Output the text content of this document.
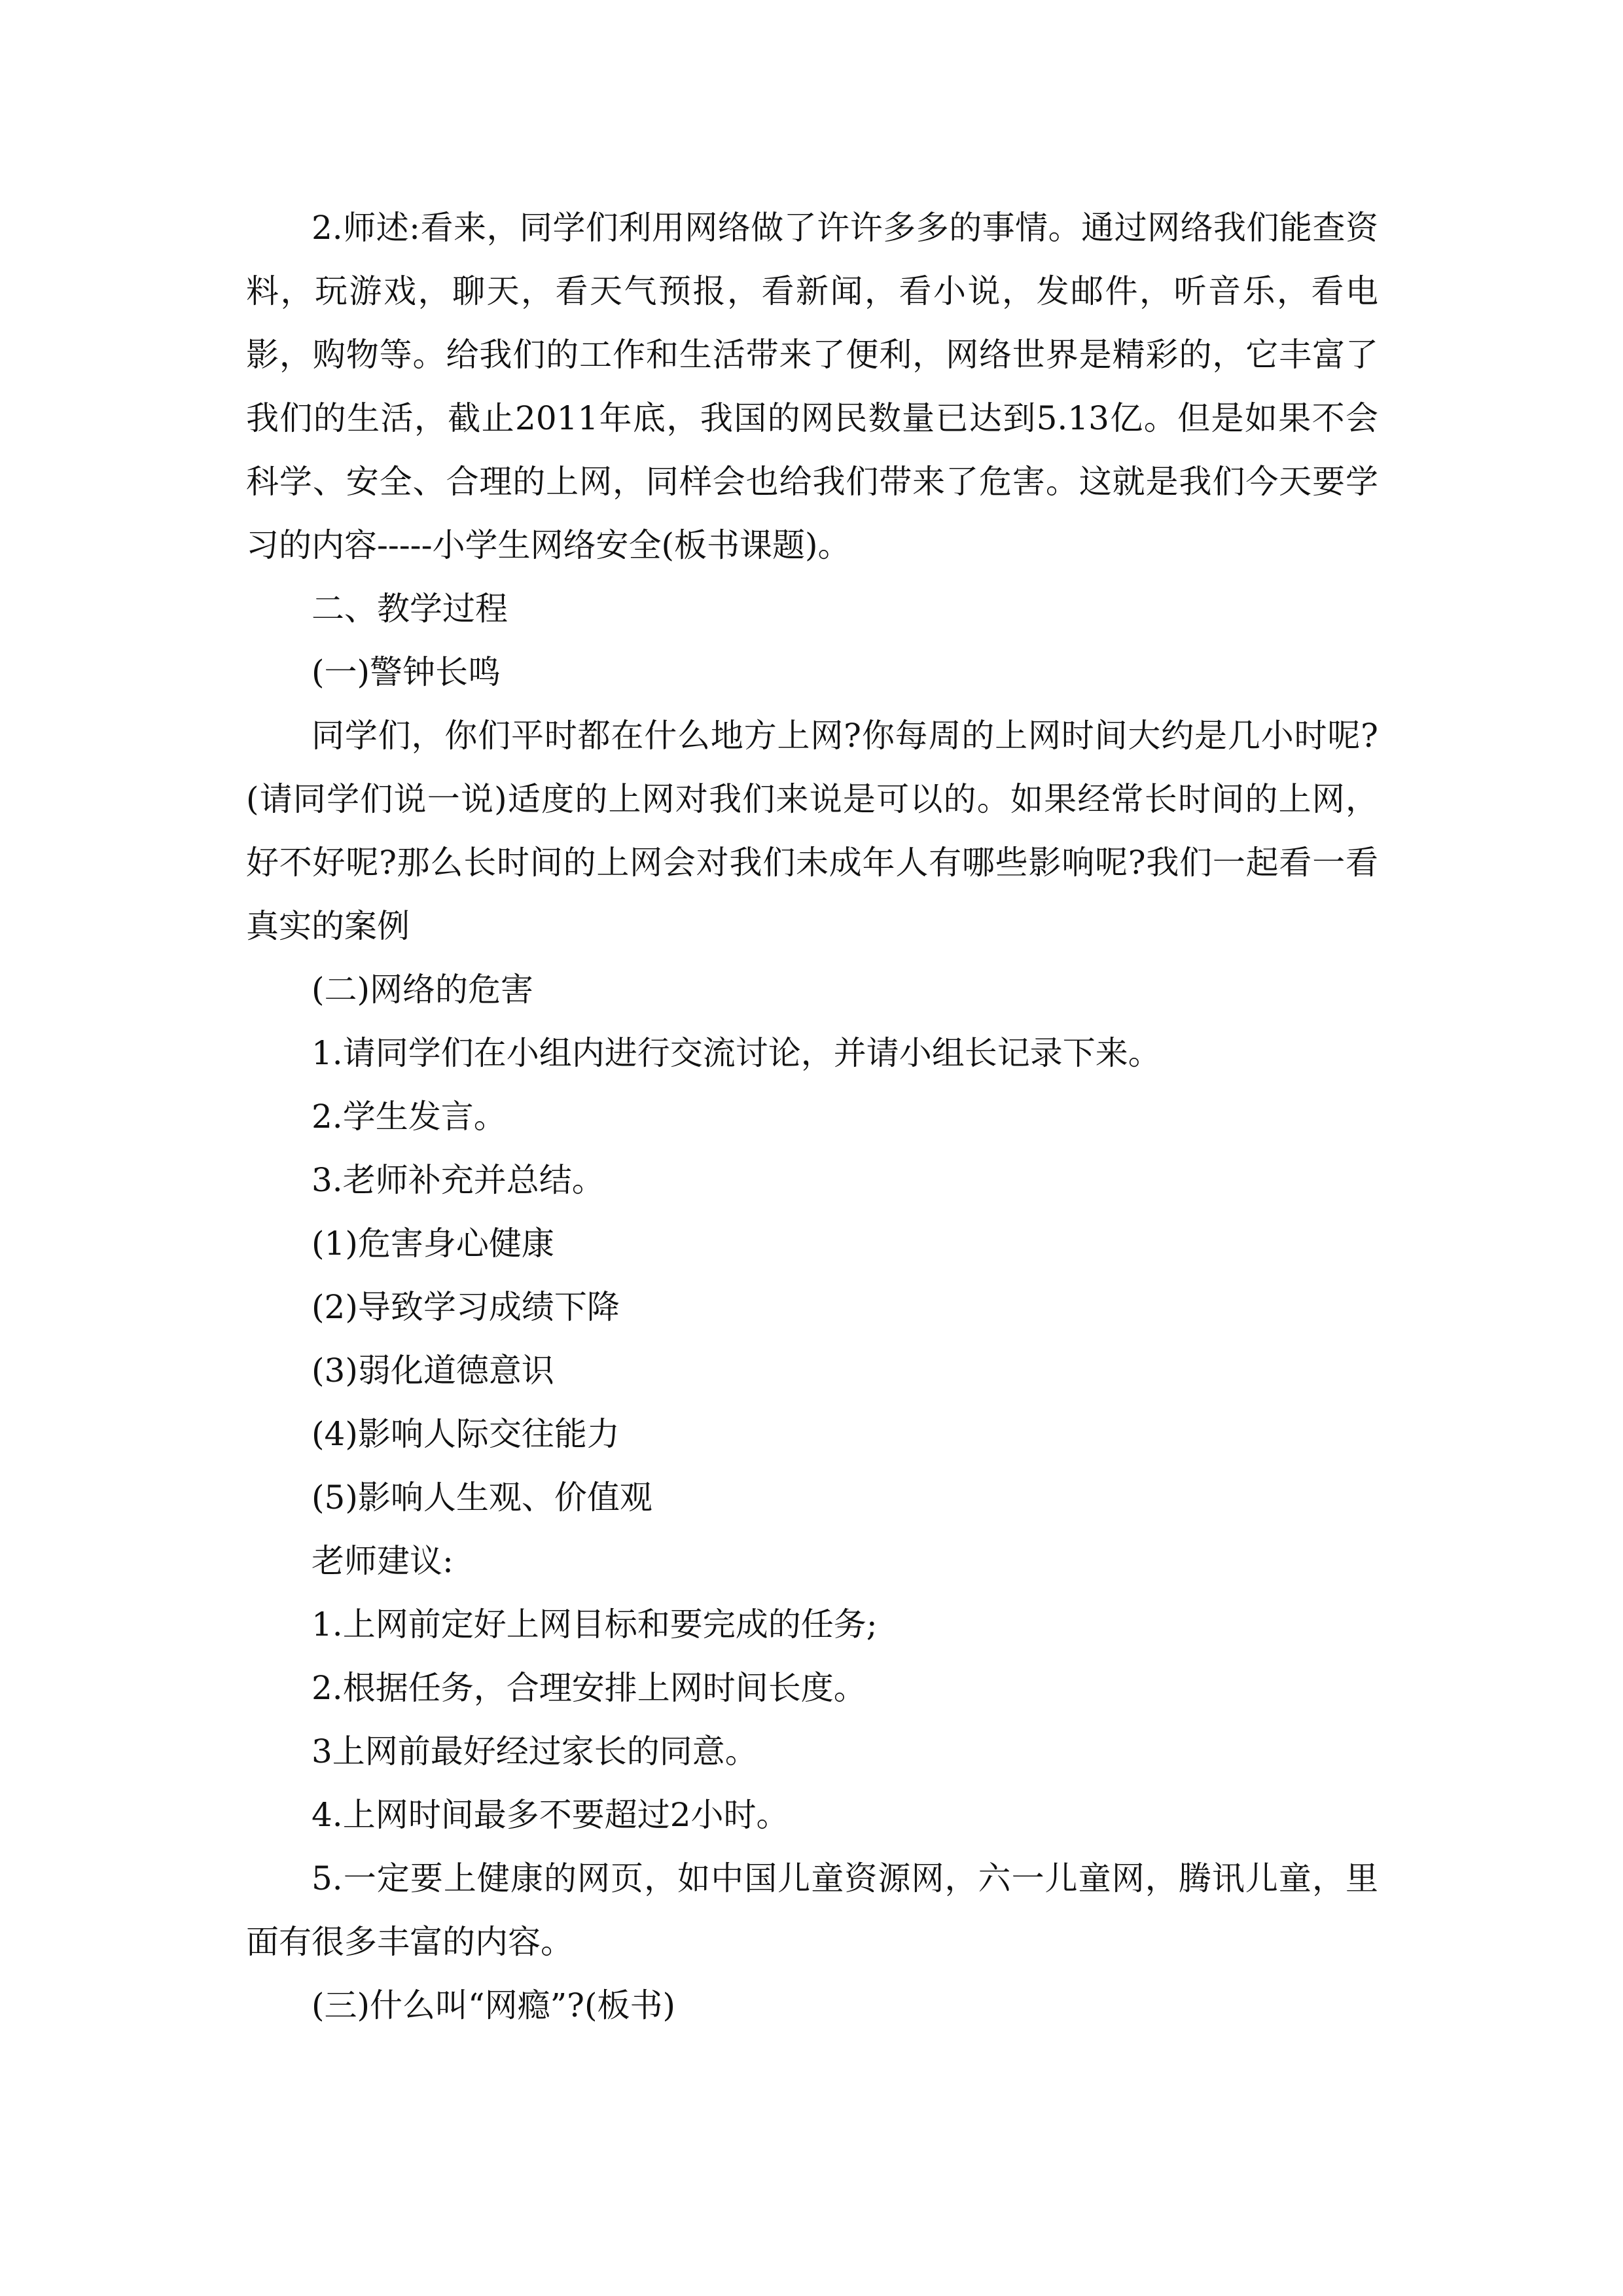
2.师述:看来，同学们利用网络做了许许多多的事情。通过网络我们能查资料，玩游戏，聊天，看天气预报，看新闻，看小说，发邮件，听音乐，看电影，购物等。给我们的工作和生活带来了便利，网络世界是精彩的，它丰富了我们的生活，截止2011年底，我国的网民数量已达到5.13亿。但是如果不会科学、安全、合理的上网，同样会也给我们带来了危害。这就是我们今天要学习的内容-----小学生网络安全(板书课题)。

二、教学过程

(一)警钟长鸣

同学们，你们平时都在什么地方上网?你每周的上网时间大约是几小时呢?(请同学们说一说)适度的上网对我们来说是可以的。如果经常长时间的上网，好不好呢?那么长时间的上网会对我们未成年人有哪些影响呢?我们一起看一看真实的案例

(二)网络的危害

1.请同学们在小组内进行交流讨论，并请小组长记录下来。

2.学生发言。

3.老师补充并总结。

(1)危害身心健康

(2)导致学习成绩下降

(3)弱化道德意识

(4)影响人际交往能力

(5)影响人生观、价值观

老师建议:

1.上网前定好上网目标和要完成的任务;

2.根据任务，合理安排上网时间长度。

3上网前最好经过家长的同意。

4.上网时间最多不要超过2小时。

5.一定要上健康的网页，如中国儿童资源网，六一儿童网，腾讯儿童，里面有很多丰富的内容。

(三)什么叫“网瘾”?(板书)
